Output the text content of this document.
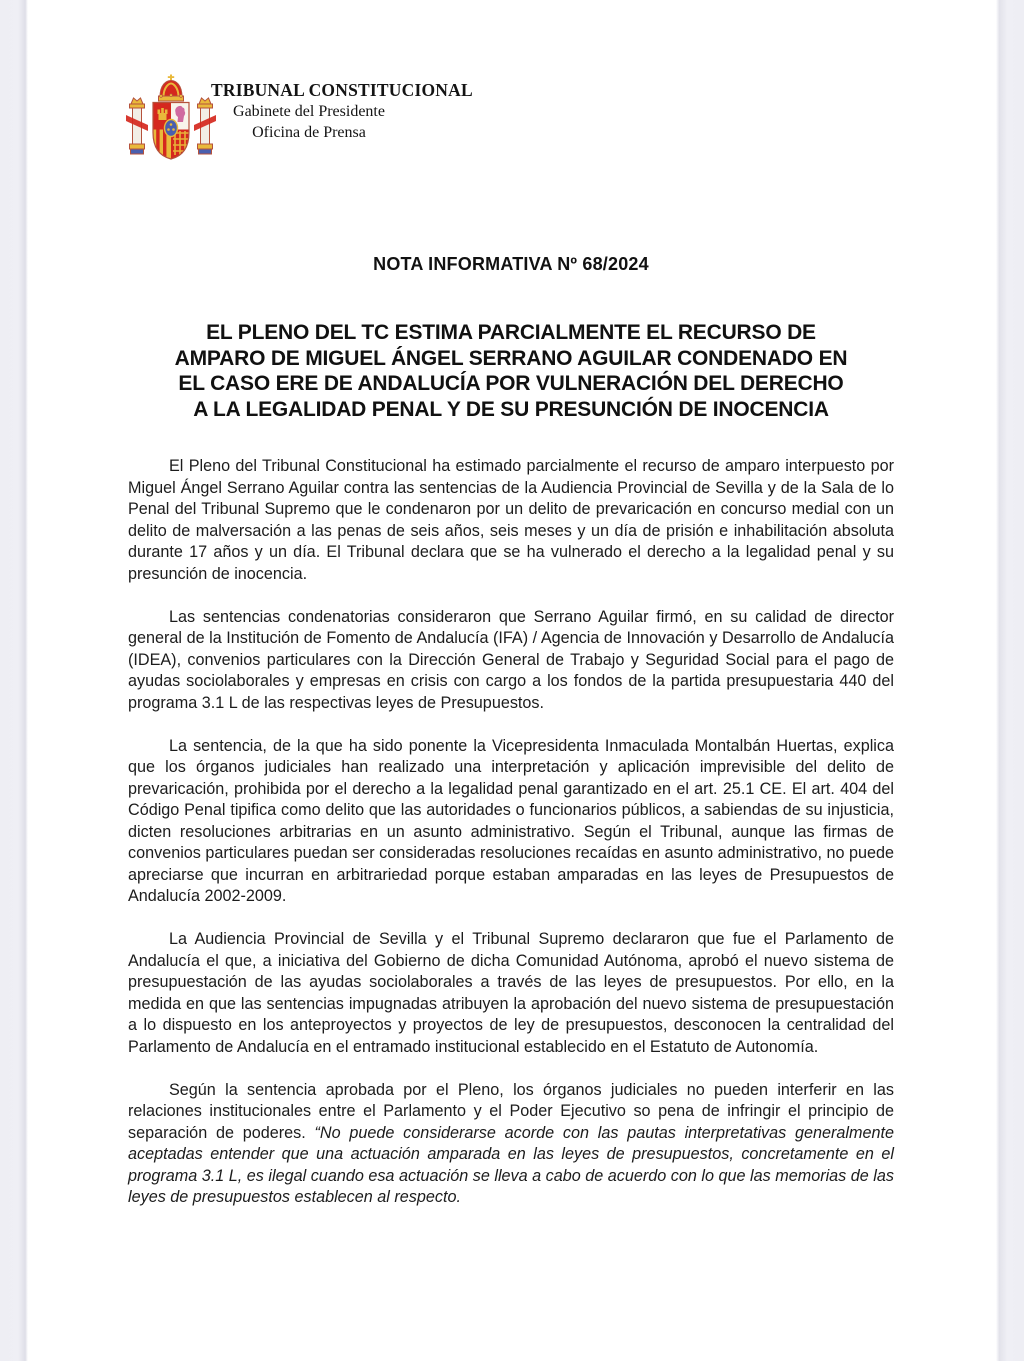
TRIBUNAL CONSTITUCIONAL
Gabinete del Presidente
Oficina de Prensa
NOTA INFORMATIVA Nº 68/2024
EL PLENO DEL TC ESTIMA PARCIALMENTE EL RECURSO DE
AMPARO DE MIGUEL ÁNGEL SERRANO AGUILAR CONDENADO EN
EL CASO ERE DE ANDALUCÍA POR VULNERACIÓN DEL DERECHO
A LA LEGALIDAD PENAL Y DE SU PRESUNCIÓN DE INOCENCIA

El Pleno del Tribunal Constitucional ha estimado parcialmente el recurso de amparo interpuesto por Miguel Ángel Serrano Aguilar contra las sentencias de la Audiencia Provincial de Sevilla y de la Sala de lo Penal del Tribunal Supremo que le condenaron por un delito de prevaricación en concurso medial con un delito de malversación a las penas de seis años, seis meses y un día de prisión e inhabilitación absoluta durante 17 años y un día. El Tribunal declara que se ha vulnerado el derecho a la legalidad penal y su presunción de inocencia.

Las sentencias condenatorias consideraron que Serrano Aguilar firmó, en su calidad de director general de la Institución de Fomento de Andalucía (IFA) / Agencia de Innovación y Desarrollo de Andalucía (IDEA), convenios particulares con la Dirección General de Trabajo y Seguridad Social para el pago de ayudas sociolaborales y empresas en crisis con cargo a los fondos de la partida presupuestaria 440 del programa 3.1 L de las respectivas leyes de Presupuestos.

La sentencia, de la que ha sido ponente la Vicepresidenta Inmaculada Montalbán Huertas, explica que los órganos judiciales han realizado una interpretación y aplicación imprevisible del delito de prevaricación, prohibida por el derecho a la legalidad penal garantizado en el art. 25.1 CE. El art. 404 del Código Penal tipifica como delito que las autoridades o funcionarios públicos, a sabiendas de su injusticia, dicten resoluciones arbitrarias en un asunto administrativo. Según el Tribunal, aunque las firmas de convenios particulares puedan ser consideradas resoluciones recaídas en asunto administrativo, no puede apreciarse que incurran en arbitrariedad porque estaban amparadas en las leyes de Presupuestos de Andalucía 2002-2009.

La Audiencia Provincial de Sevilla y el Tribunal Supremo declararon que fue el Parlamento de Andalucía el que, a iniciativa del Gobierno de dicha Comunidad Autónoma, aprobó el nuevo sistema de presupuestación de las ayudas sociolaborales a través de las leyes de presupuestos. Por ello, en la medida en que las sentencias impugnadas atribuyen la aprobación del nuevo sistema de presupuestación a lo dispuesto en los anteproyectos y proyectos de ley de presupuestos, desconocen la centralidad del Parlamento de Andalucía en el entramado institucional establecido en el Estatuto de Autonomía.

Según la sentencia aprobada por el Pleno, los órganos judiciales no pueden interferir en las relaciones institucionales entre el Parlamento y el Poder Ejecutivo so pena de infringir el principio de separación de poderes. “No puede considerarse acorde con las pautas interpretativas generalmente aceptadas entender que una actuación amparada en las leyes de presupuestos, concretamente en el programa 3.1 L, es ilegal cuando esa actuación se lleva a cabo de acuerdo con lo que las memorias de las leyes de presupuestos establecen al respecto.
